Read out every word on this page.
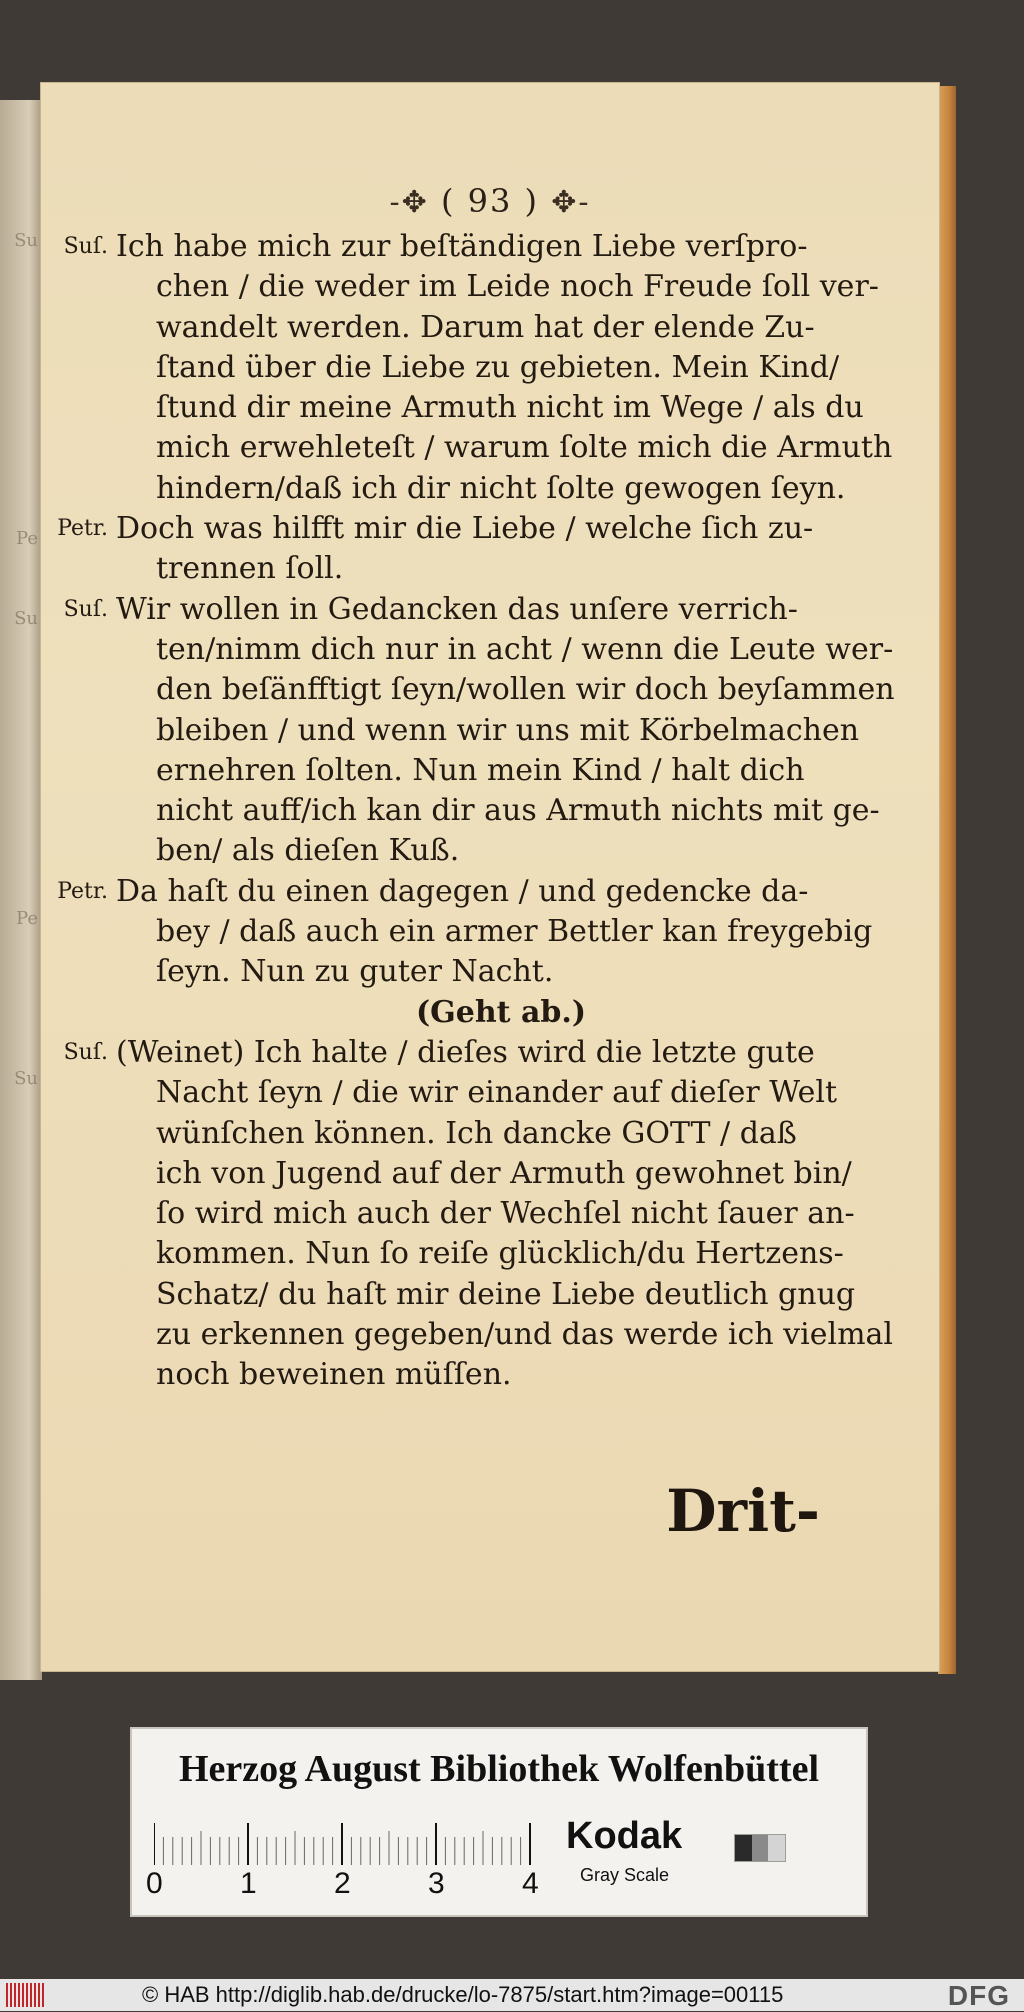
Su
Pe
Su
Pe
Su
-✥ ( 93 ) ✥-
Suſ. Ich habe mich zur beſtändigen Liebe verſpro-
chen / die weder im Leide noch Freude ſoll ver-
wandelt werden. Darum hat der elende Zu-
ſtand über die Liebe zu gebieten. Mein Kind/
ſtund dir meine Armuth nicht im Wege / als du
mich erwehleteſt / warum ſolte mich die Armuth
hindern/daß ich dir nicht ſolte gewogen ſeyn.
Petr. Doch was hilfft mir die Liebe / welche ſich zu-
trennen ſoll.
Suſ. Wir wollen in Gedancken das unſere verrich-
ten/nimm dich nur in acht / wenn die Leute wer-
den beſänfftigt ſeyn/wollen wir doch beyſammen
bleiben / und wenn wir uns mit Körbelmachen
ernehren ſolten. Nun mein Kind / halt dich
nicht auff/ich kan dir aus Armuth nichts mit ge-
ben/ als dieſen Kuß.
Petr. Da haſt du einen dagegen / und gedencke da-
bey / daß auch ein armer Bettler kan freygebig
ſeyn. Nun zu guter Nacht.
(Geht ab.)
Suſ. (Weinet) Ich halte / dieſes wird die letzte gute
Nacht ſeyn / die wir einander auf dieſer Welt
wünſchen können. Ich dancke GOTT / daß
ich von Jugend auf der Armuth gewohnet bin/
ſo wird mich auch der Wechſel nicht ſauer an-
kommen. Nun ſo reiſe glücklich/du Hertzens-
Schatz/ du haſt mir deine Liebe deutlich gnug
zu erkennen gegeben/und das werde ich vielmal
noch beweinen müſſen.
Drit-
Herzog August Bibliothek Wolfenbüttel
0	1	2	3	4
Kodak
Gray Scale
© HAB http://diglib.hab.de/drucke/lo-7875/start.htm?image=00115	DFG
